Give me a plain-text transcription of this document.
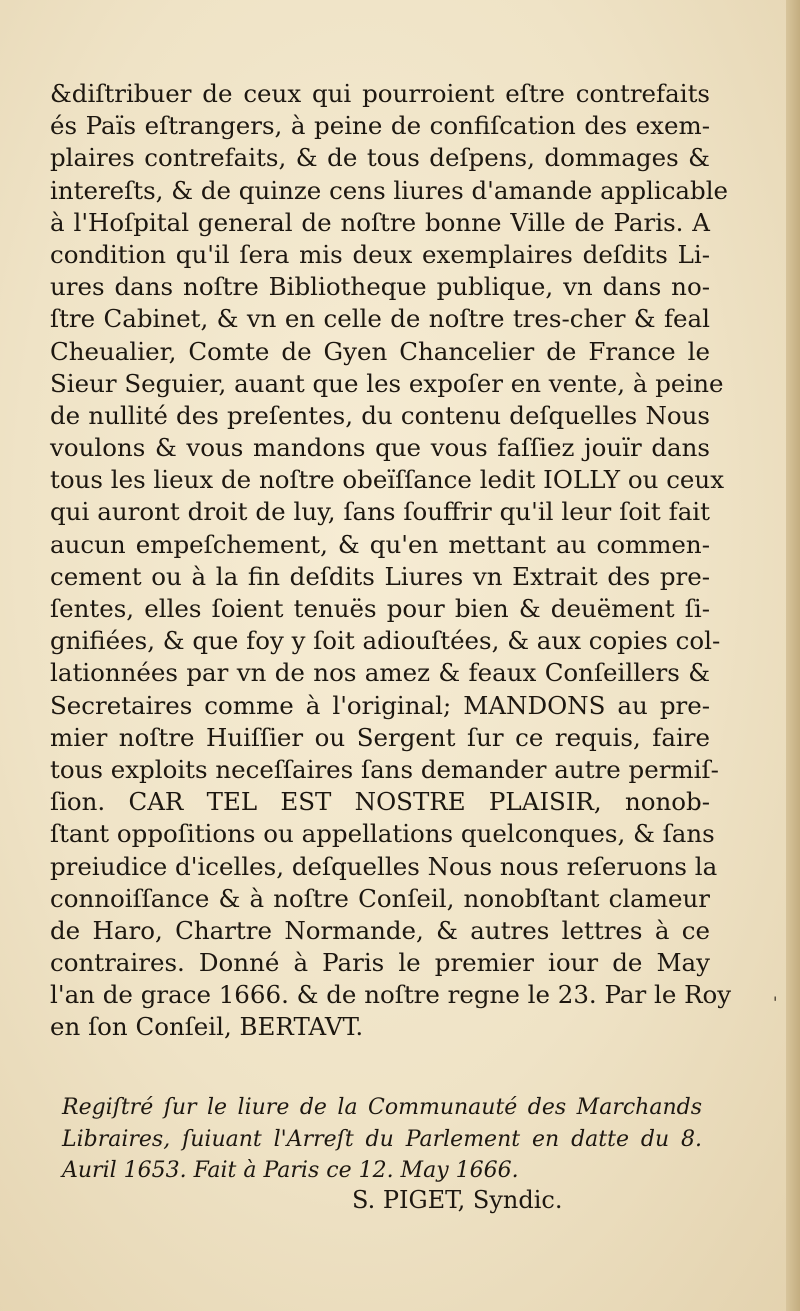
&diſtribuer de ceux qui pourroient eſtre contrefaits
és Païs eſtrangers, à peine de confiſcation des exem-
plaires contrefaits, & de tous deſpens, dommages &
intereſts, & de quinze cens liures d'amande applicable
à l'Hoſpital general de noſtre bonne Ville de Paris. A
condition qu'il ſera mis deux exemplaires deſdits Li-
ures dans noſtre Bibliotheque publique, vn dans no-
ſtre Cabinet, & vn en celle de noſtre tres-cher & feal
Cheualier, Comte de Gyen Chancelier de France le
Sieur Seguier, auant que les expoſer en vente, à peine
de nullité des preſentes, du contenu deſquelles Nous
voulons & vous mandons que vous faſſiez jouïr dans
tous les lieux de noſtre obeïſſance ledit IOLLY ou ceux
qui auront droit de luy, ſans ſouffrir qu'il leur ſoit fait
aucun empeſchement, & qu'en mettant au commen-
cement ou à la fin deſdits Liures vn Extrait des pre-
ſentes, elles ſoient tenuës pour bien & deuëment ſi-
gnifiées, & que foy y ſoit adiouſtées, & aux copies col-
lationnées par vn de nos amez & feaux Conſeillers &
Secretaires comme à l'original; MANDONS au pre-
mier noſtre Huiſſier ou Sergent ſur ce requis, faire
tous exploits neceſſaires ſans demander autre permiſ-
ſion. CAR TEL EST NOSTRE PLAISIR, nonob-
ſtant oppoſitions ou appellations quelconques, & ſans
preiudice d'icelles, deſquelles Nous nous reſeruons la
connoiſſance & à noſtre Conſeil, nonobſtant clameur
de Haro, Chartre Normande, & autres lettres à ce
contraires. Donné à Paris le premier iour de May
l'an de grace 1666. & de noſtre regne le 23. Par le Roy
en ſon Conſeil, BERTAVT.
Regiſtré ſur le liure de la Communauté des Marchands
Libraires, ſuiuant l'Arreſt du Parlement en datte du 8.
Auril 1653. Fait à Paris ce 12. May 1666.
S. PIGET, Syndic.
'
